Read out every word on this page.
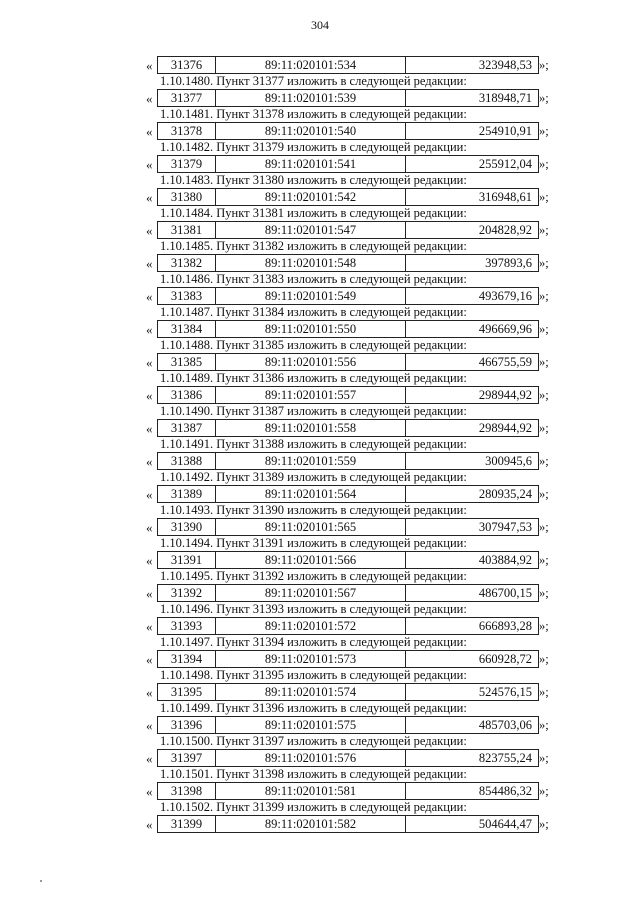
304
«	31376	89:11:020101:534	323948,53 »;
1.10.1480. Пункт 31377 изложить в следующей редакции:
«	31377	89:11:020101:539	318948,71 »;
1.10.1481. Пункт 31378 изложить в следующей редакции:
«	31378	89:11:020101:540	254910,91 »;
1.10.1482. Пункт 31379 изложить в следующей редакции:
«	31379	89:11:020101:541	255912,04 »;
1.10.1483. Пункт 31380 изложить в следующей редакции:
«	31380	89:11:020101:542	316948,61 »;
1.10.1484. Пункт 31381 изложить в следующей редакции:
«	31381	89:11:020101:547	204828,92 »;
1.10.1485. Пункт 31382 изложить в следующей редакции:
«	31382	89:11:020101:548	397893,6 »;
1.10.1486. Пункт 31383 изложить в следующей редакции:
«	31383	89:11:020101:549	493679,16 »;
1.10.1487. Пункт 31384 изложить в следующей редакции:
«	31384	89:11:020101:550	496669,96 »;
1.10.1488. Пункт 31385 изложить в следующей редакции:
«	31385	89:11:020101:556	466755,59 »;
1.10.1489. Пункт 31386 изложить в следующей редакции:
«	31386	89:11:020101:557	298944,92 »;
1.10.1490. Пункт 31387 изложить в следующей редакции:
«	31387	89:11:020101:558	298944,92 »;
1.10.1491. Пункт 31388 изложить в следующей редакции:
«	31388	89:11:020101:559	300945,6 »;
1.10.1492. Пункт 31389 изложить в следующей редакции:
«	31389	89:11:020101:564	280935,24 »;
1.10.1493. Пункт 31390 изложить в следующей редакции:
«	31390	89:11:020101:565	307947,53 »;
1.10.1494. Пункт 31391 изложить в следующей редакции:
«	31391	89:11:020101:566	403884,92 »;
1.10.1495. Пункт 31392 изложить в следующей редакции:
«	31392	89:11:020101:567	486700,15 »;
1.10.1496. Пункт 31393 изложить в следующей редакции:
«	31393	89:11:020101:572	666893,28 »;
1.10.1497. Пункт 31394 изложить в следующей редакции:
«	31394	89:11:020101:573	660928,72 »;
1.10.1498. Пункт 31395 изложить в следующей редакции:
«	31395	89:11:020101:574	524576,15 »;
1.10.1499. Пункт 31396 изложить в следующей редакции:
«	31396	89:11:020101:575	485703,06 »;
1.10.1500. Пункт 31397 изложить в следующей редакции:
«	31397	89:11:020101:576	823755,24 »;
1.10.1501. Пункт 31398 изложить в следующей редакции:
«	31398	89:11:020101:581	854486,32 »;
1.10.1502. Пункт 31399 изложить в следующей редакции:
«	31399	89:11:020101:582	504644,47 »;
